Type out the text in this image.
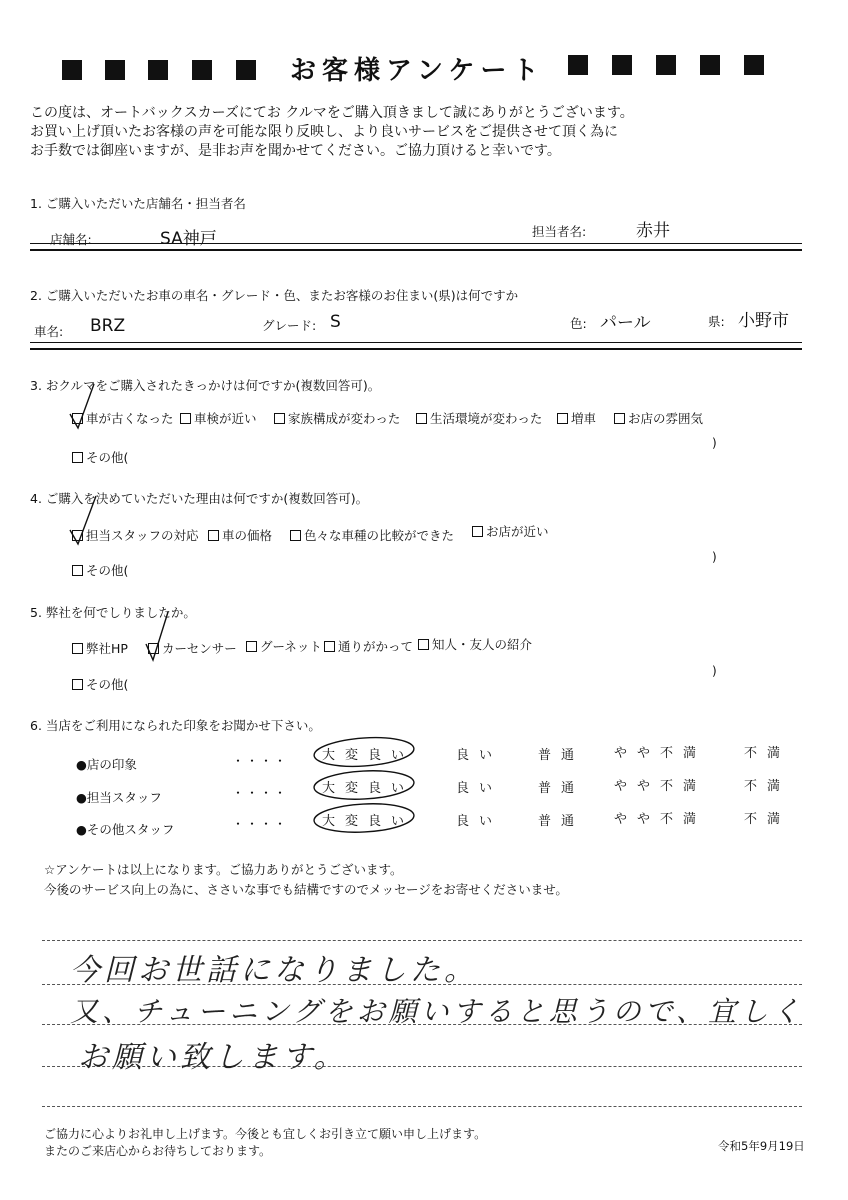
お客様アンケート
この度は、オートバックスカーズにてお クルマをご購入頂きまして誠にありがとうございます。
お買い上げ頂いたお客様の声を可能な限り反映し、より良いサービスをご提供させて頂く為に
お手数では御座いますが、是非お声を聞かせてください。ご協力頂けると幸いです。
1. ご購入いただいた店舗名・担当者名
店舗名:	SA神戸	担当者名:	赤井
2. ご購入いただいたお車の車名・グレード・色、またお客様のお住まい(県)は何ですか
車名: BRZ	グレード: S	色: パール	県: 小野市
3. おクルマをご購入されたきっかけは何ですか(複数回答可)。
車が古くなった	車検が近い	家族構成が変わった	生活環境が変わった	増車	お店の雰囲気
その他(
)
4. ご購入を決めていただいた理由は何ですか(複数回答可)。
担当スタッフの対応	車の価格	色々な車種の比較ができた	お店が近い
その他(
)
5. 弊社を何でしりましたか。
弊社HP	カーセンサー	グーネット	通りがかって	知人・友人の紹介
その他(
)
6. 当店をご利用になられた印象をお聞かせ下さい。
●店の印象	・・・・	大変良い	良い	普通 やや不満	不満
●担当スタッフ	・・・・	大変良い	良い	普通 やや不満	不満
●その他スタッフ	・・・・	大変良い	良い	普通 やや不満	不満
☆アンケートは以上になります。ご協力ありがとうございます。
今後のサービス向上の為に、ささいな事でも結構ですのでメッセージをお寄せくださいませ。
今回お世話になりました。
又、チューニングをお願いすると思うので、宜しく
お願い致します。
ご協力に心よりお礼申し上げます。今後とも宜しくお引き立て願い申し上げます。
またのご来店心からお待ちしております。	令和5年9月19日
